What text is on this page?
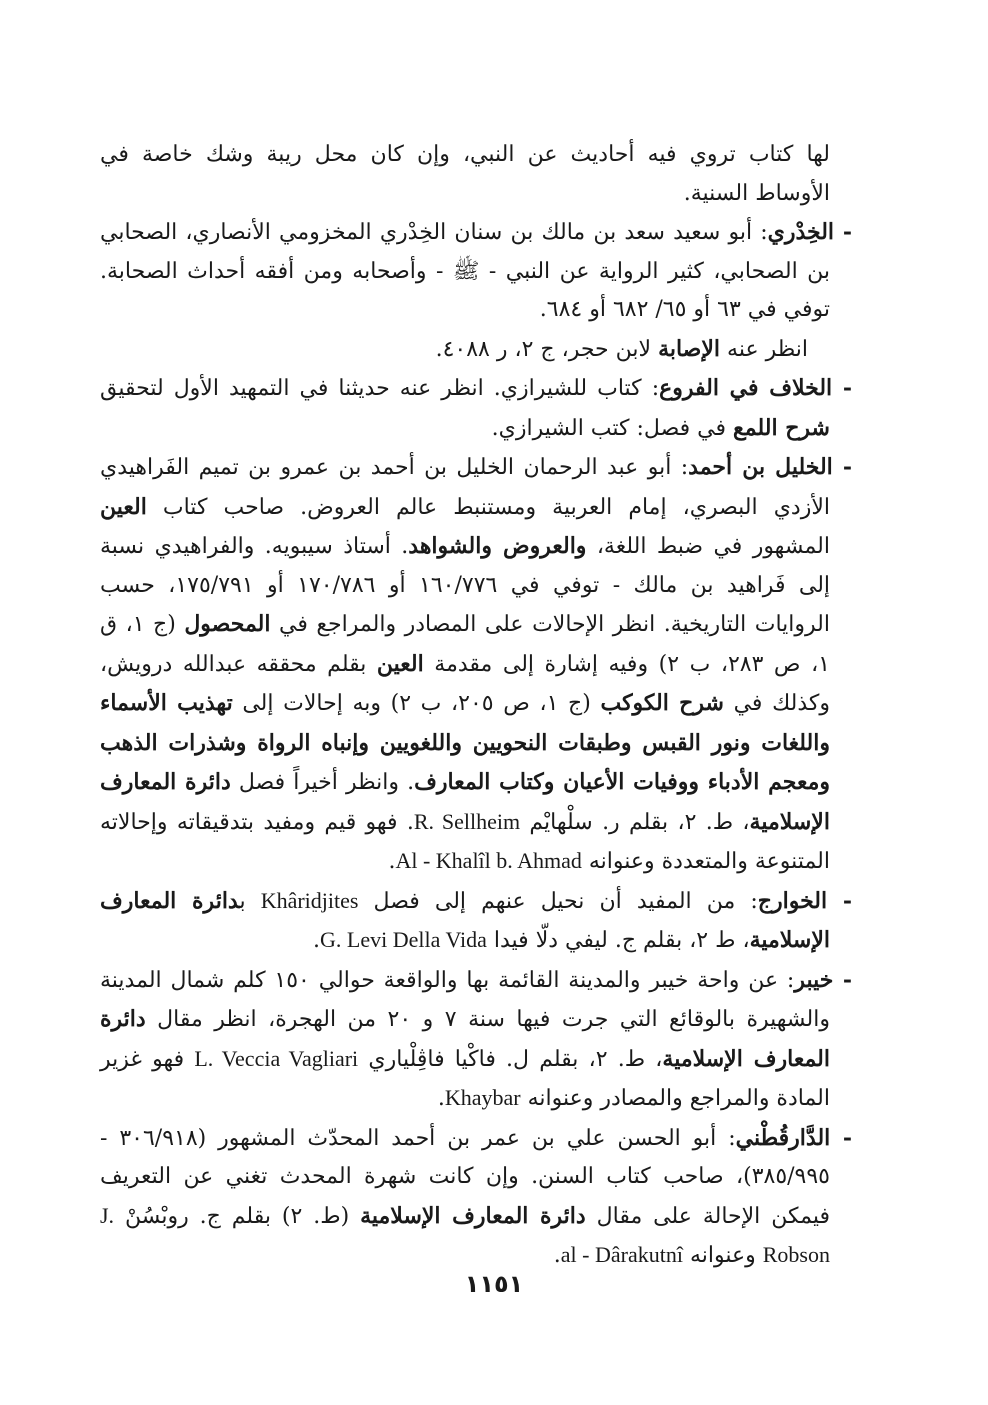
لها كتاب تروي فيه أحاديث عن النبي، وإن كان محل ريبة وشك خاصة في الأوساط السنية.

- الخِدْري: أبو سعيد سعد بن مالك بن سنان الخِدْري المخزومي الأنصاري، الصحابي بن الصحابي، كثير الرواية عن النبي - ﷺ - وأصحابه ومن أفقه أحداث الصحابة. توفي في ٦٣ أو ٦٥/ ٦٨٢ أو ٦٨٤.

انظر عنه الإصابة لابن حجر، ج ٢، ر ٤٠٨٨.

- الخلاف في الفروع: كتاب للشيرازي. انظر عنه حديثنا في التمهيد الأول لتحقيق شرح اللمع في فصل: كتب الشيرازي.

- الخليل بن أحمد: أبو عبد الرحمان الخليل بن أحمد بن عمرو بن تميم الفَراهيدي الأزدي البصري، إمام العربية ومستنبط عالم العروض. صاحب كتاب العين المشهور في ضبط اللغة، والعروض والشواهد. أستاذ سيبويه. والفراهيدي نسبة إلى فَراهيد بن مالك - توفي في ١٦٠/٧٧٦ أو ١٧٠/٧٨٦ أو ١٧٥/٧٩١، حسب الروايات التاريخية. انظر الإحالات على المصادر والمراجع في المحصول (ج ١، ق ١، ص ٢٨٣، ب ٢) وفيه إشارة إلى مقدمة العين بقلم محققه عبدالله درويش، وكذلك في شرح الكوكب (ج ١، ص ٢٠٥، ب ٢) وبه إحالات إلى تهذيب الأسماء واللغات ونور القبس وطبقات النحويين واللغويين وإنباه الرواة وشذرات الذهب ومعجم الأدباء ووفيات الأعيان وكتاب المعارف. وانظر أخيراً فصل دائرة المعارف الإسلامية، ط. ٢، بقلم ر. سلْهايْم R. Sellheim. فهو قيم ومفيد بتدقيقاته وإحالاته المتنوعة والمتعددة وعنوانه Al - Khalîl b. Ahmad.

- الخوارج: من المفيد أن نحيل عنهم إلى فصل Khâridjites بدائرة المعارف الإسلامية، ط ٢، بقلم ج. ليفي دلّا فيدا G. Levi Della Vida.

- خيبر: عن واحة خيبر والمدينة القائمة بها والواقعة حوالي ١٥٠ كلم شمال المدينة والشهيرة بالوقائع التي جرت فيها سنة ٧ و ٢٠ من الهجرة، انظر مقال دائرة المعارف الإسلامية، ط. ٢، بقلم ل. فاكْيا فاڤِلْياري L. Veccia Vagliari فهو غزير المادة والمراجع والمصادر وعنوانه Khaybar.

- الدَّارقُطْني: أبو الحسن علي بن عمر بن أحمد المحدّث المشهور (٣٠٦/٩١٨ - ٣٨٥/٩٩٥)، صاحب كتاب السنن. وإن كانت شهرة المحدث تغني عن التعريف فيمكن الإحالة على مقال دائرة المعارف الإسلامية (ط. ٢) بقلم ج. روبْسُنْ J. Robson وعنوانه al - Dârakutnî.

١١٥١
